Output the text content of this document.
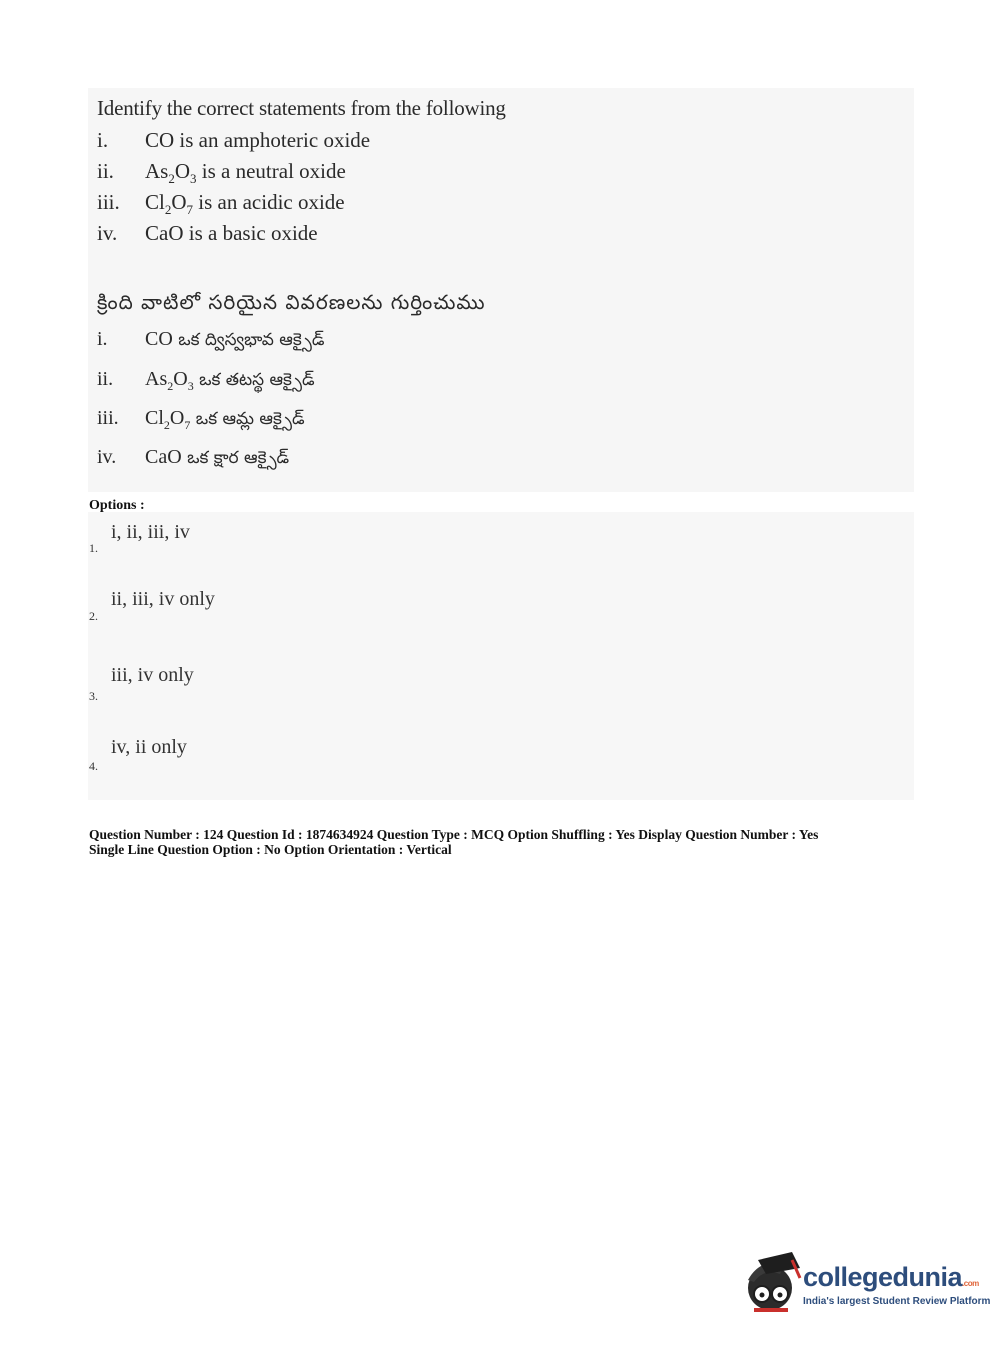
Identify the correct statements from the following
i. CO is an amphoteric oxide
ii. $As_2O_3$ is a neutral oxide
iii. $Cl_2O_7$ is an acidic oxide
iv. CaO is a basic oxide
క్రింది వాటిలో సరియైన వివరణలను గుర్తించుము
i. CO ఒక ద్విస్వభావ ఆక్సైడ్
ii. $As_2O_3$ ఒక తటస్థ ఆక్సైడ్
iii. $Cl_2O_7$ ఒక ఆమ్ల ఆక్సైడ్
iv. CaO ఒక క్షార ఆక్సైడ్
Options :
i, ii, iii, iv
1.
ii, iii, iv only
2.
iii, iv only
3.
iv, ii only
4.
Question Number : 124 Question Id : 1874634924 Question Type : MCQ Option Shuffling : Yes Display Question Number : Yes
Single Line Question Option : No Option Orientation : Vertical
collegedunia.com
India's largest Student Review Platform
